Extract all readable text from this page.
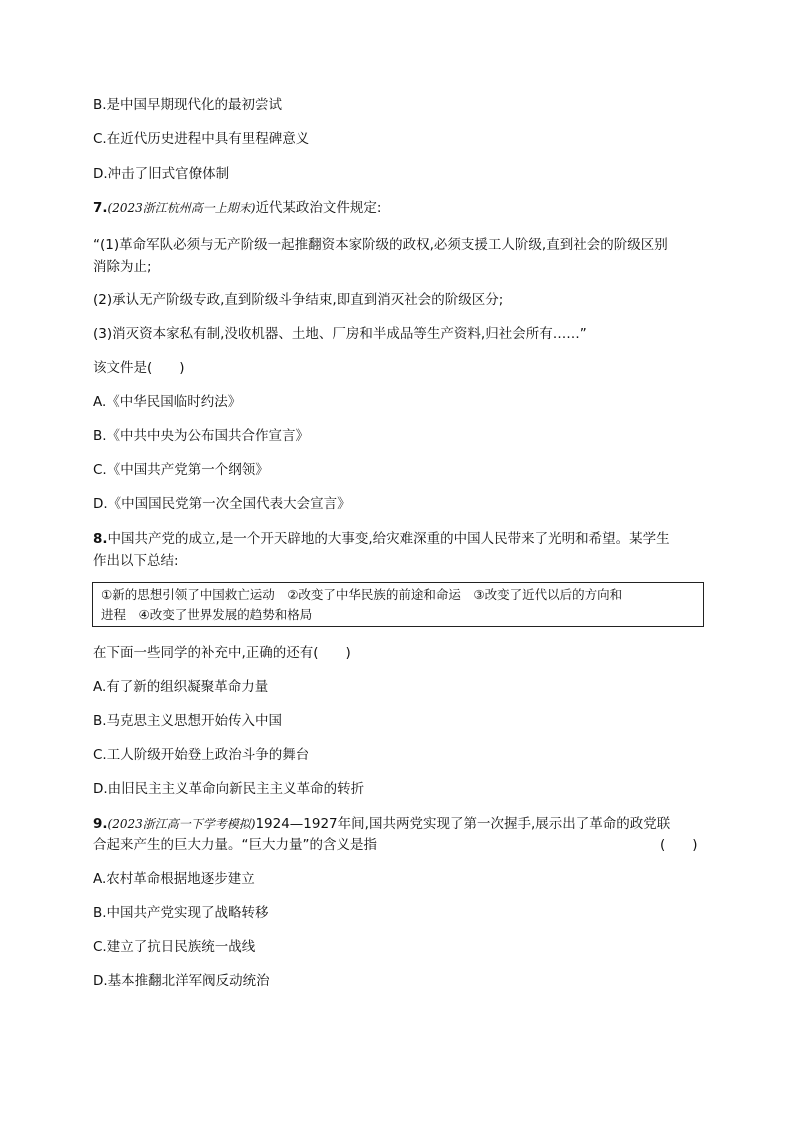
B.是中国早期现代化的最初尝试
C.在近代历史进程中具有里程碑意义
D.冲击了旧式官僚体制
7.(2023浙江杭州高一上期末)近代某政治文件规定:
“(1)革命军队必须与无产阶级一起推翻资本家阶级的政权,必须支援工人阶级,直到社会的阶级区别
消除为止;
(2)承认无产阶级专政,直到阶级斗争结束,即直到消灭社会的阶级区分;
(3)消灭资本家私有制,没收机器、土地、厂房和半成品等生产资料,归社会所有……”
该文件是(　　)
A.《中华民国临时约法》
B.《中共中央为公布国共合作宣言》
C.《中国共产党第一个纲领》
D.《中国国民党第一次全国代表大会宣言》
8.中国共产党的成立,是一个开天辟地的大事变,给灾难深重的中国人民带来了光明和希望。某学生
作出以下总结:
①新的思想引领了中国救亡运动　②改变了中华民族的前途和命运　③改变了近代以后的方向和
进程　④改变了世界发展的趋势和格局
在下面一些同学的补充中,正确的还有(　　)
A.有了新的组织凝聚革命力量
B.马克思主义思想开始传入中国
C.工人阶级开始登上政治斗争的舞台
D.由旧民主主义革命向新民主主义革命的转折
9.(2023浙江高一下学考模拟)1924—1927年间,国共两党实现了第一次握手,展示出了革命的政党联
合起来产生的巨大力量。“巨大力量”的含义是指	(　　)
A.农村革命根据地逐步建立
B.中国共产党实现了战略转移
C.建立了抗日民族统一战线
D.基本推翻北洋军阀反动统治
